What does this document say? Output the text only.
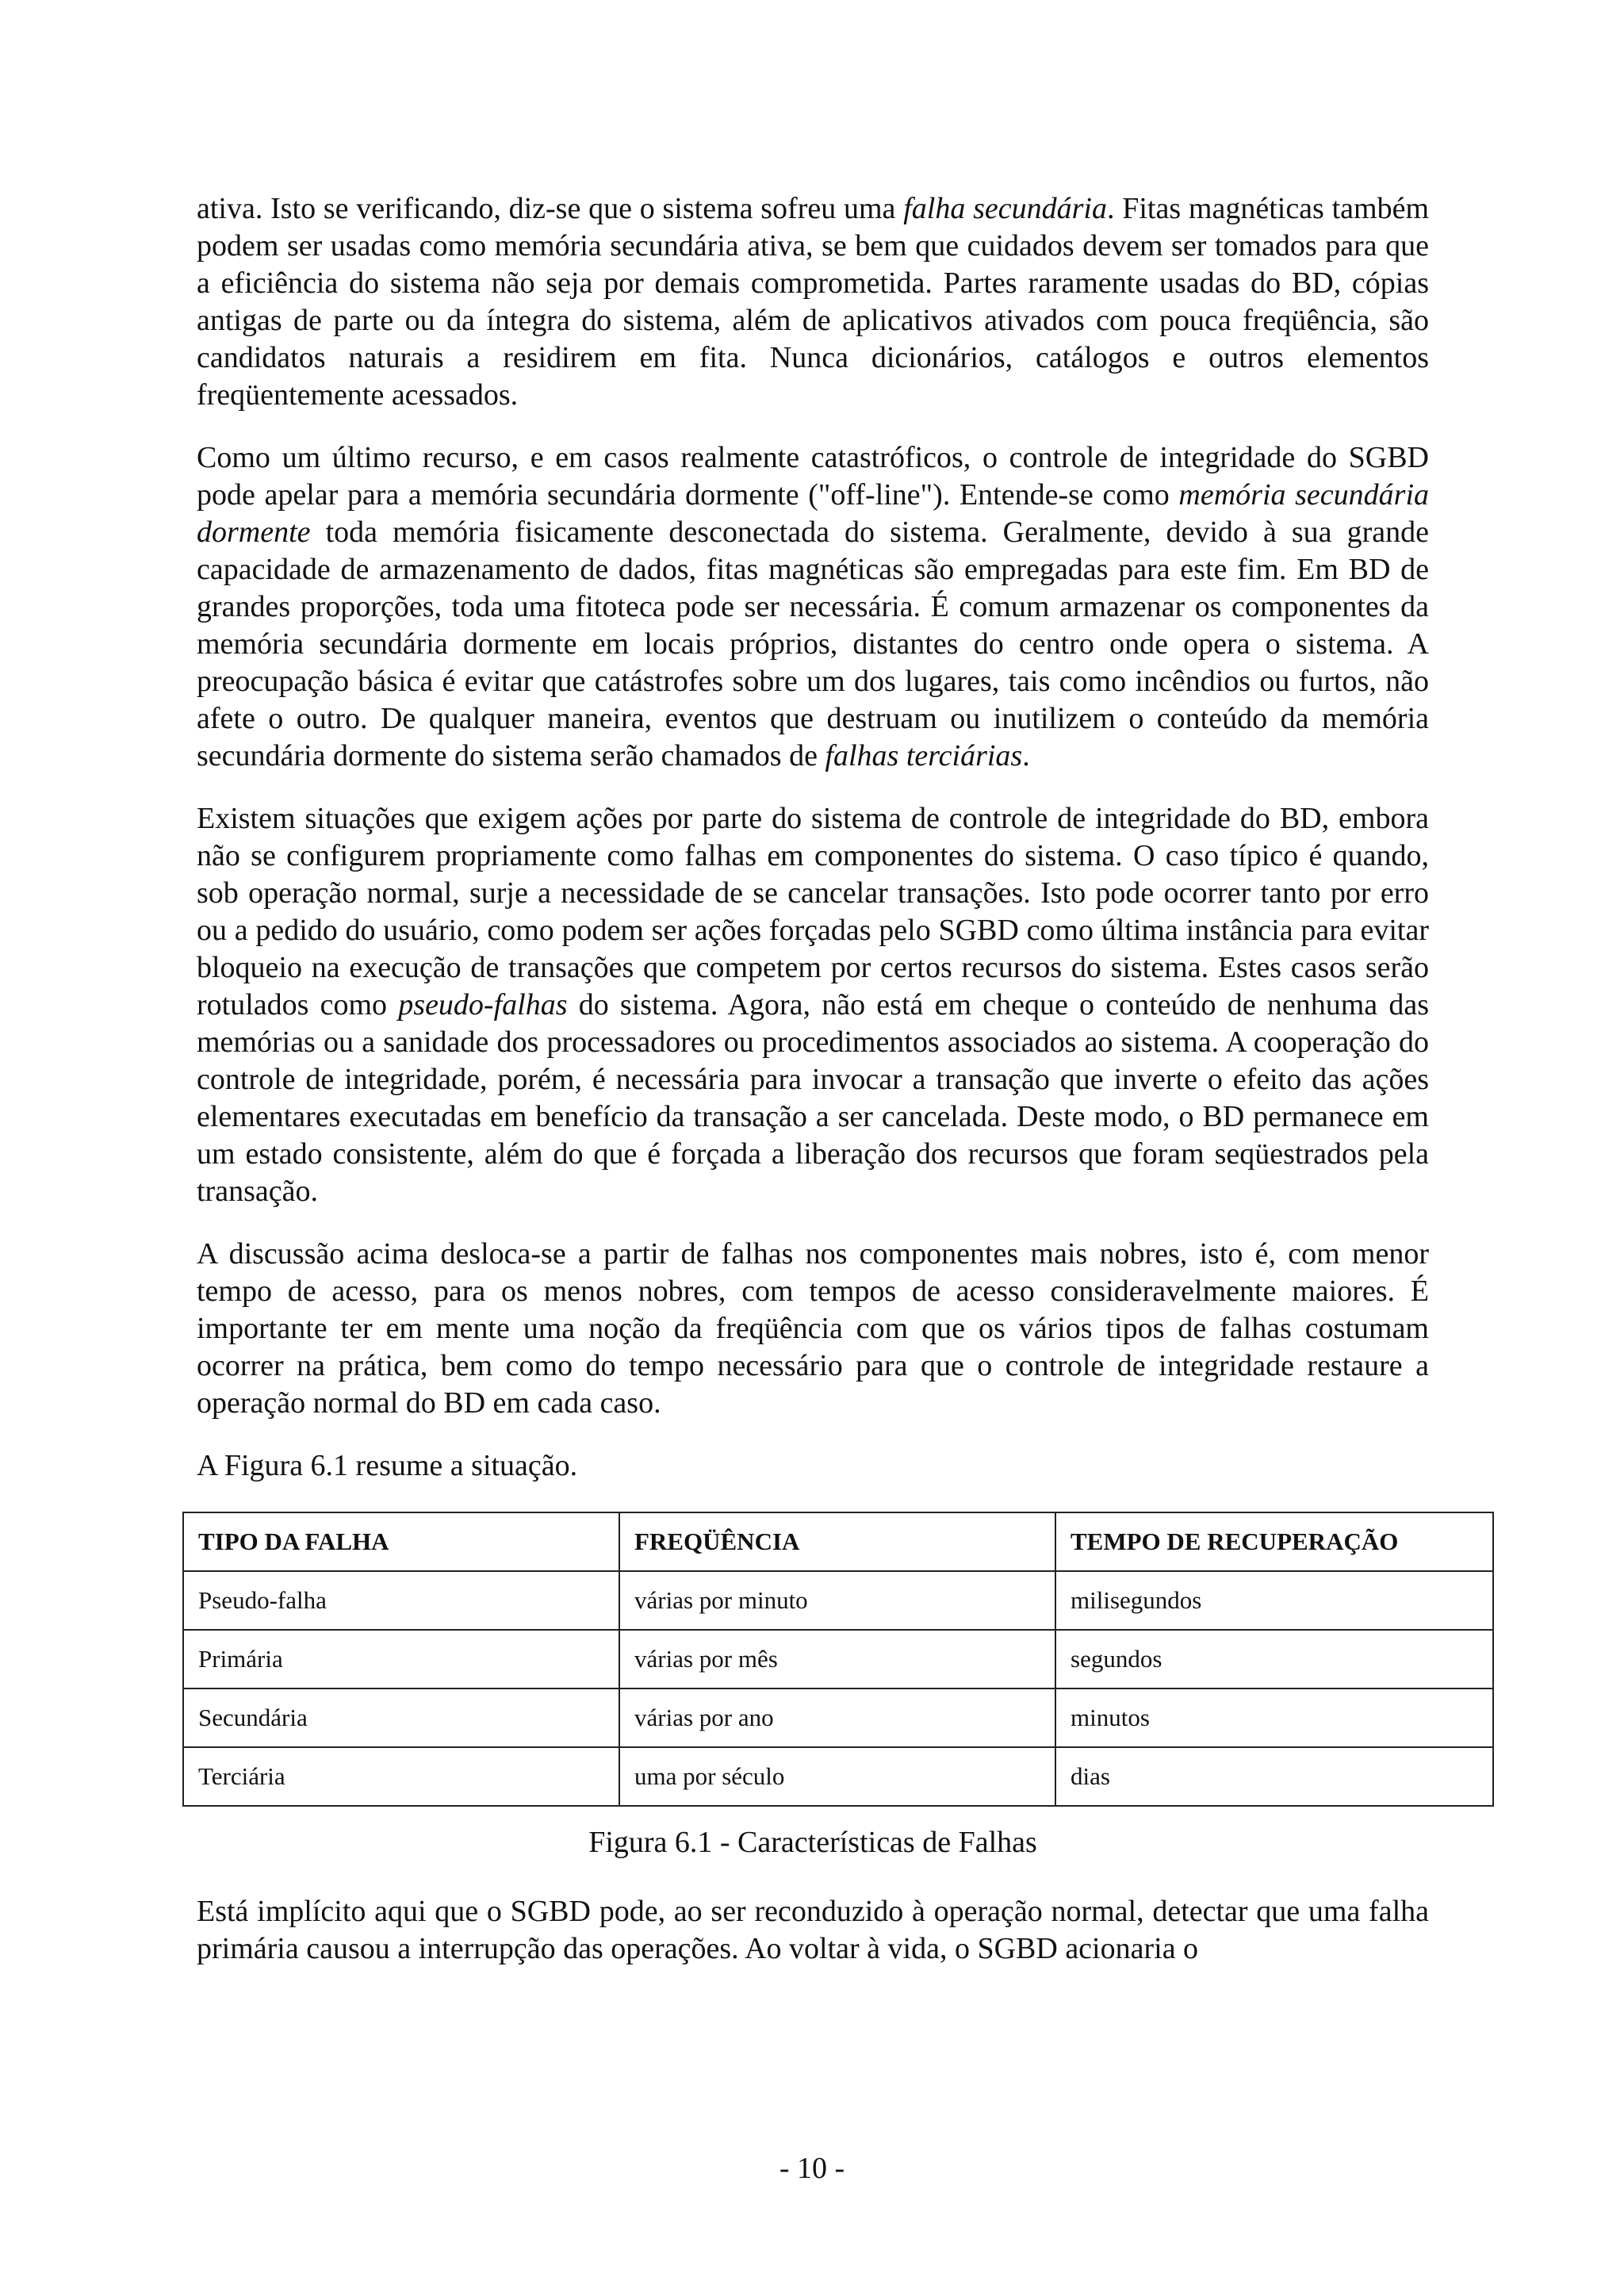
ativa. Isto se verificando, diz-se que o sistema sofreu uma falha secundária. Fitas magnéticas também podem ser usadas como memória secundária ativa, se bem que cuidados devem ser tomados para que a eficiência do sistema não seja por demais comprometida. Partes raramente usadas do BD, cópias antigas de parte ou da íntegra do sistema, além de aplicativos ativados com pouca freqüência, são candidatos naturais a residirem em fita. Nunca dicionários, catálogos e outros elementos freqüentemente acessados.

Como um último recurso, e em casos realmente catastróficos, o controle de integridade do SGBD pode apelar para a memória secundária dormente ("off-line"). Entende-se como memória secundária dormente toda memória fisicamente desconectada do sistema. Geralmente, devido à sua grande capacidade de armazenamento de dados, fitas magnéticas são empregadas para este fim. Em BD de grandes proporções, toda uma fitoteca pode ser necessária. É comum armazenar os componentes da memória secundária dormente em locais próprios, distantes do centro onde opera o sistema. A preocupação básica é evitar que catástrofes sobre um dos lugares, tais como incêndios ou furtos, não afete o outro. De qualquer maneira, eventos que destruam ou inutilizem o conteúdo da memória secundária dormente do sistema serão chamados de falhas terciárias.

Existem situações que exigem ações por parte do sistema de controle de integridade do BD, embora não se configurem propriamente como falhas em componentes do sistema. O caso típico é quando, sob operação normal, surje a necessidade de se cancelar transações. Isto pode ocorrer tanto por erro ou a pedido do usuário, como podem ser ações forçadas pelo SGBD como última instância para evitar bloqueio na execução de transações que competem por certos recursos do sistema. Estes casos serão rotulados como pseudo-falhas do sistema. Agora, não está em cheque o conteúdo de nenhuma das memórias ou a sanidade dos processadores ou procedimentos associados ao sistema. A cooperação do controle de integridade, porém, é necessária para invocar a transação que inverte o efeito das ações elementares executadas em benefício da transação a ser cancelada. Deste modo, o BD permanece em um estado consistente, além do que é forçada a liberação dos recursos que foram seqüestrados pela transação.

A discussão acima desloca-se a partir de falhas nos componentes mais nobres, isto é, com menor tempo de acesso, para os menos nobres, com tempos de acesso consideravelmente maiores. É importante ter em mente uma noção da freqüência com que os vários tipos de falhas costumam ocorrer na prática, bem como do tempo necessário para que o controle de integridade restaure a operação normal do BD em cada caso.

A Figura 6.1 resume a situação.

TIPO DA FALHA	FREQÜÊNCIA	TEMPO DE RECUPERAÇÃO
Pseudo-falha	várias por minuto	milisegundos
Primária	várias por mês	segundos
Secundária	várias por ano	minutos
Terciária	uma por século	dias
Figura 6.1 - Características de Falhas

Está implícito aqui que o SGBD pode, ao ser reconduzido à operação normal, detectar que uma falha primária causou a interrupção das operações. Ao voltar à vida, o SGBD acionaria o

- 10 -
